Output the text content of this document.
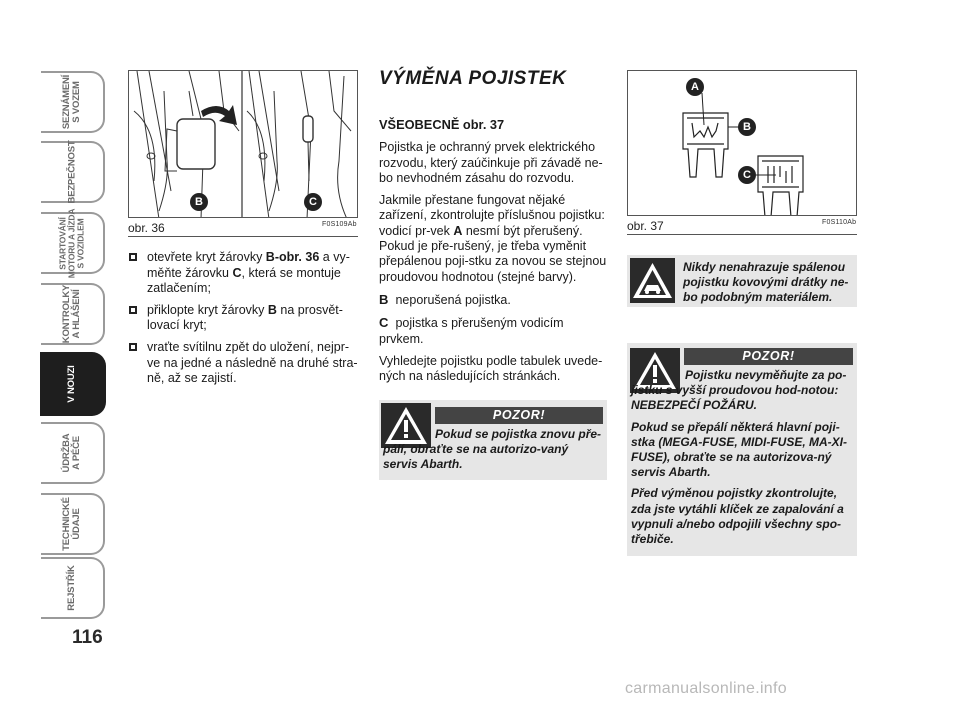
SEZNÁMENÍ
S VOZEM
BEZPEČNOST
STARTOVÁNÍ
MOTORU A JÍZDA
S VOZIDLEM
KONTROLKY
A HLÁŠENÍ
V NOUZI
ÚDRŽBA
A PÉČE
TECHNICKÉ
ÚDAJE
REJSTŘÍK
116
B	C
obr. 36	F0S109Ab
otevřete kryt žárovky B-obr. 36 a vy-měňte žárovku C, která se montuje zatlačením;
přiklopte kryt žárovky B na prosvět-lovací kryt;
vraťte svítilnu zpět do uložení, nejpr-ve na jedné a následně na druhé stra-ně, až se zajistí.
VÝMĚNA POJISTEK

VŠEOBECNĚ obr. 37

Pojistka je ochranný prvek elektrického rozvodu, který zaúčinkuje při závadě ne-bo nevhodném zásahu do rozvodu.

Jakmile přestane fungovat nějaké zařízení, zkontrolujte příslušnou pojistku: vodicí pr-vek A nesmí být přerušený. Pokud je pře-rušený, je třeba vyměnit přepálenou poji-stku za novou se stejnou proudovou hodnotou (stejné barvy).

B neporušená pojistka.

C pojistka s přerušeným vodicím prvkem.

Vyhledejte pojistku podle tabulek uvede-ných na následujících stránkách.

POZOR!
Pokud se pojistka znovu pře-pálí, obraťte se na autorizo-vaný servis Abarth.
A
B
C
obr. 37	F0S110Ab
Nikdy nenahrazuje spálenou pojistku kovovými drátky ne-bo podobným materiálem.
POZOR!

Pojistku nevyměňujte za po-jistku s vyšší proudovou hod-notou: NEBEZPEČÍ POŽÁRU.

Pokud se přepálí některá hlavní poji-stka (MEGA-FUSE, MIDI-FUSE, MA-XI-FUSE), obraťte se na autorizova-ný servis Abarth.

Před výměnou pojistky zkontrolujte, zda jste vytáhli klíček ze zapalování a vypnuli a/nebo odpojili všechny spo-třebiče.

carmanualsonline.info
